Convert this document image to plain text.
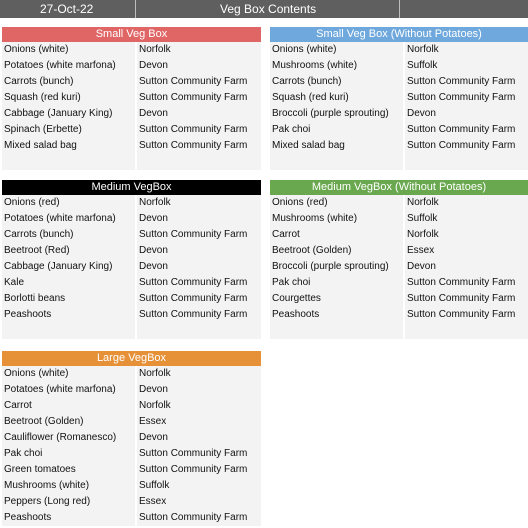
27-Oct-22	Veg Box Contents
Small Veg Box
Onions (white)	Norfolk
Potatoes (white marfona)	Devon
Carrots (bunch)	Sutton Community Farm
Squash (red kuri)	Sutton Community Farm
Cabbage (January King)	Devon
Spinach (Erbette)	Sutton Community Farm
Mixed salad bag	Sutton Community Farm
Small Veg Box (Without Potatoes)
Onions (white)	Norfolk
Mushrooms (white)	Suffolk
Carrots (bunch)	Sutton Community Farm
Squash (red kuri)	Sutton Community Farm
Broccoli (purple sprouting)	Devon
Pak choi	Sutton Community Farm
Mixed salad bag	Sutton Community Farm
Medium VegBox
Onions (red)	Norfolk
Potatoes (white marfona)	Devon
Carrots (bunch)	Sutton Community Farm
Beetroot (Red)	Devon
Cabbage (January King)	Devon
Kale	Sutton Community Farm
Borlotti beans	Sutton Community Farm
Peashoots	Sutton Community Farm
Medium VegBox (Without Potatoes)
Onions (red)	Norfolk
Mushrooms (white)	Suffolk
Carrot	Norfolk
Beetroot (Golden)	Essex
Broccoli (purple sprouting)	Devon
Pak choi	Sutton Community Farm
Courgettes	Sutton Community Farm
Peashoots	Sutton Community Farm
Large VegBox
Onions (white)	Norfolk
Potatoes (white marfona)	Devon
Carrot	Norfolk
Beetroot (Golden)	Essex
Cauliflower (Romanesco)	Devon
Pak choi	Sutton Community Farm
Green tomatoes	Sutton Community Farm
Mushrooms (white)	Suffolk
Peppers (Long red)	Essex
Peashoots	Sutton Community Farm
